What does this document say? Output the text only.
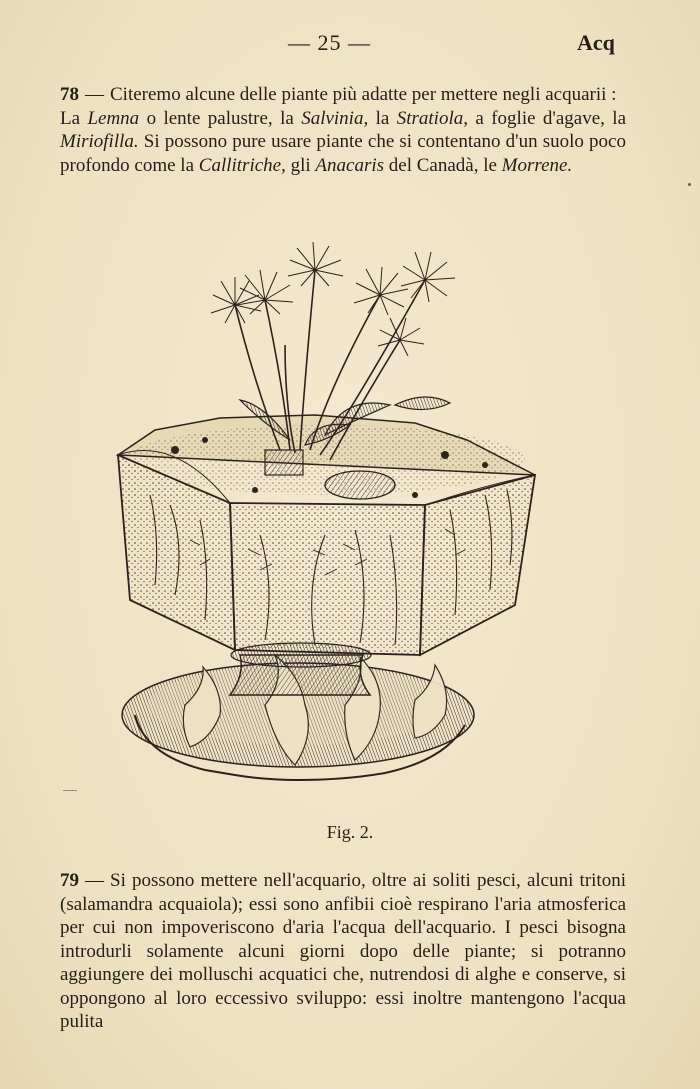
— 25 —	Acq

78 — Citeremo alcune delle piante più adatte per mettere negli acquarii :

La Lemna o lente palustre, la Salvinia, la Stratiola, a foglie d'agave, la Miriofilla. Si possono pure usare piante che si contentano d'un suolo poco profondo come la Callitriche, gli Anacaris del Canadà, le Morrene.

Fig. 2.

79 — Si possono mettere nell'acquario, oltre ai soliti pesci, alcuni tritoni (salamandra acquaiola); essi sono anfibii cioè respirano l'aria atmosferica per cui non impoveriscono d'aria l'acqua dell'acquario. I pesci bisogna introdurli solamente alcuni giorni dopo delle piante; si potranno aggiungere dei molluschi acquatici che, nutrendosi di alghe e conserve, si oppongono al loro eccessivo sviluppo: essi inoltre mantengono l'acqua pulita
